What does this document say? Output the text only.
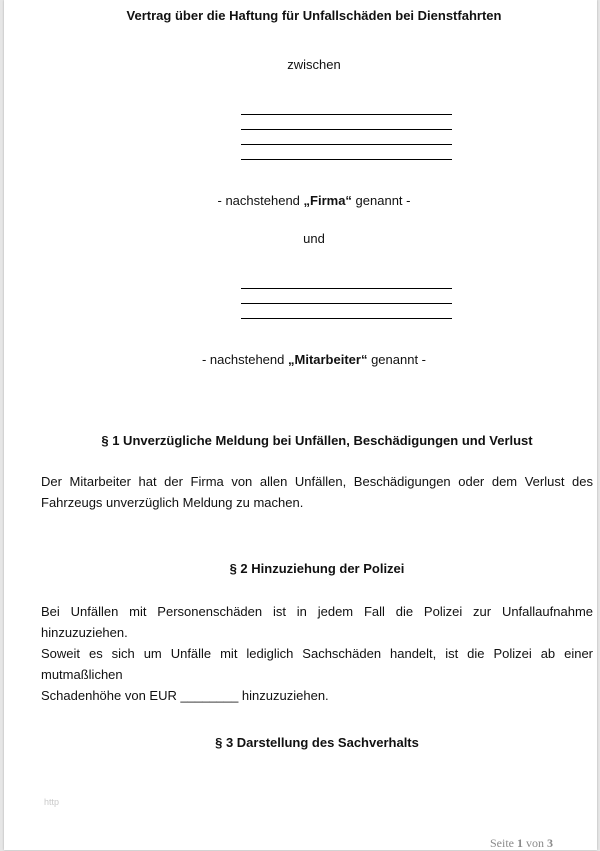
Vertrag über die Haftung für Unfallschäden bei Dienstfahrten
zwischen
- nachstehend „Firma“ genannt -
und
- nachstehend „Mitarbeiter“ genannt -
§ 1 Unverzügliche Meldung bei Unfällen, Beschädigungen und Verlust
Der Mitarbeiter hat der Firma von allen Unfällen, Beschädigungen oder dem Verlust des
Fahrzeugs unverzüglich Meldung zu machen.
§ 2 Hinzuziehung der Polizei
Bei Unfällen mit Personenschäden ist in jedem Fall die Polizei zur Unfallaufnahme hinzuzuziehen.
Soweit es sich um Unfälle mit lediglich Sachschäden handelt, ist die Polizei ab einer mutmaßlichen
Schadenhöhe von EUR ________ hinzuzuziehen.
§ 3 Darstellung des Sachverhalts
http
Seite 1 von 3
